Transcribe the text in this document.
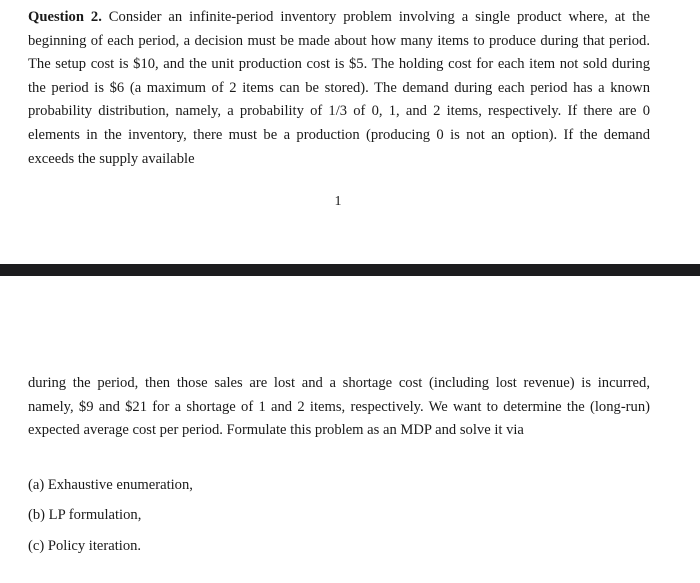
Question 2. Consider an infinite-period inventory problem involving a single product where, at the beginning of each period, a decision must be made about how many items to produce during that period. The setup cost is $10, and the unit production cost is $5. The holding cost for each item not sold during the period is $6 (a maximum of 2 items can be stored). The demand during each period has a known probability distribution, namely, a probability of 1/3 of 0, 1, and 2 items, respectively. If there are 0 elements in the inventory, there must be a production (producing 0 is not an option). If the demand exceeds the supply available

1

during the period, then those sales are lost and a shortage cost (including lost revenue) is incurred, namely, $9 and $21 for a shortage of 1 and 2 items, respectively. We want to determine the (long-run) expected average cost per period. Formulate this problem as an MDP and solve it via

(a) Exhaustive enumeration,

(b) LP formulation,

(c) Policy iteration.
